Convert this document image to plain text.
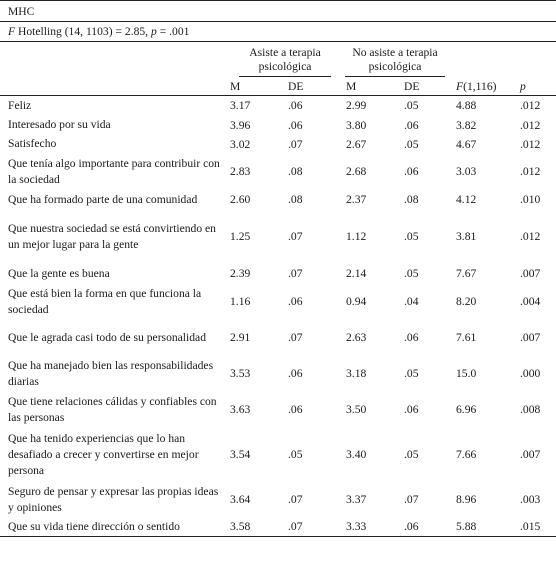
MHC						
F Hotelling (14, 1103) = 2.85, p = .001						
	Asiste a terapia psicológica		No asiste a terapia psicológica			
	M	DE	M	DE	F(1,116)	p
Feliz	3.17	.06	2.99	.05	4.88	.012
Interesado por su vida	3.96	.06	3.80	.06	3.82	.012
Satisfecho	3.02	.07	2.67	.05	4.67	.012
Que tenía algo importante para contribuir con la sociedad	2.83	.08	2.68	.06	3.03	.012
Que ha formado parte de una comunidad	2.60	.08	2.37	.08	4.12	.010
Que nuestra sociedad se está convirtiendo en un mejor lugar para la gente	1.25	.07	1.12	.05	3.81	.012
Que la gente es buena	2.39	.07	2.14	.05	7.67	.007
Que está bien la forma en que funciona la sociedad	1.16	.06	0.94	.04	8.20	.004
Que le agrada casi todo de su personalidad	2.91	.07	2.63	.06	7.61	.007
Que ha manejado bien las responsabilidades diarias	3.53	.06	3.18	.05	15.0	.000
Que tiene relaciones cálidas y confiables con las personas	3.63	.06	3.50	.06	6.96	.008
Que ha tenido experiencias que lo han desafiado a crecer y convertirse en mejor persona	3.54	.05	3.40	.05	7.66	.007
Seguro de pensar y expresar las propias ideas y opiniones	3.64	.07	3.37	.07	8.96	.003
Que su vida tiene dirección o sentido	3.58	.07	3.33	.06	5.88	.015
